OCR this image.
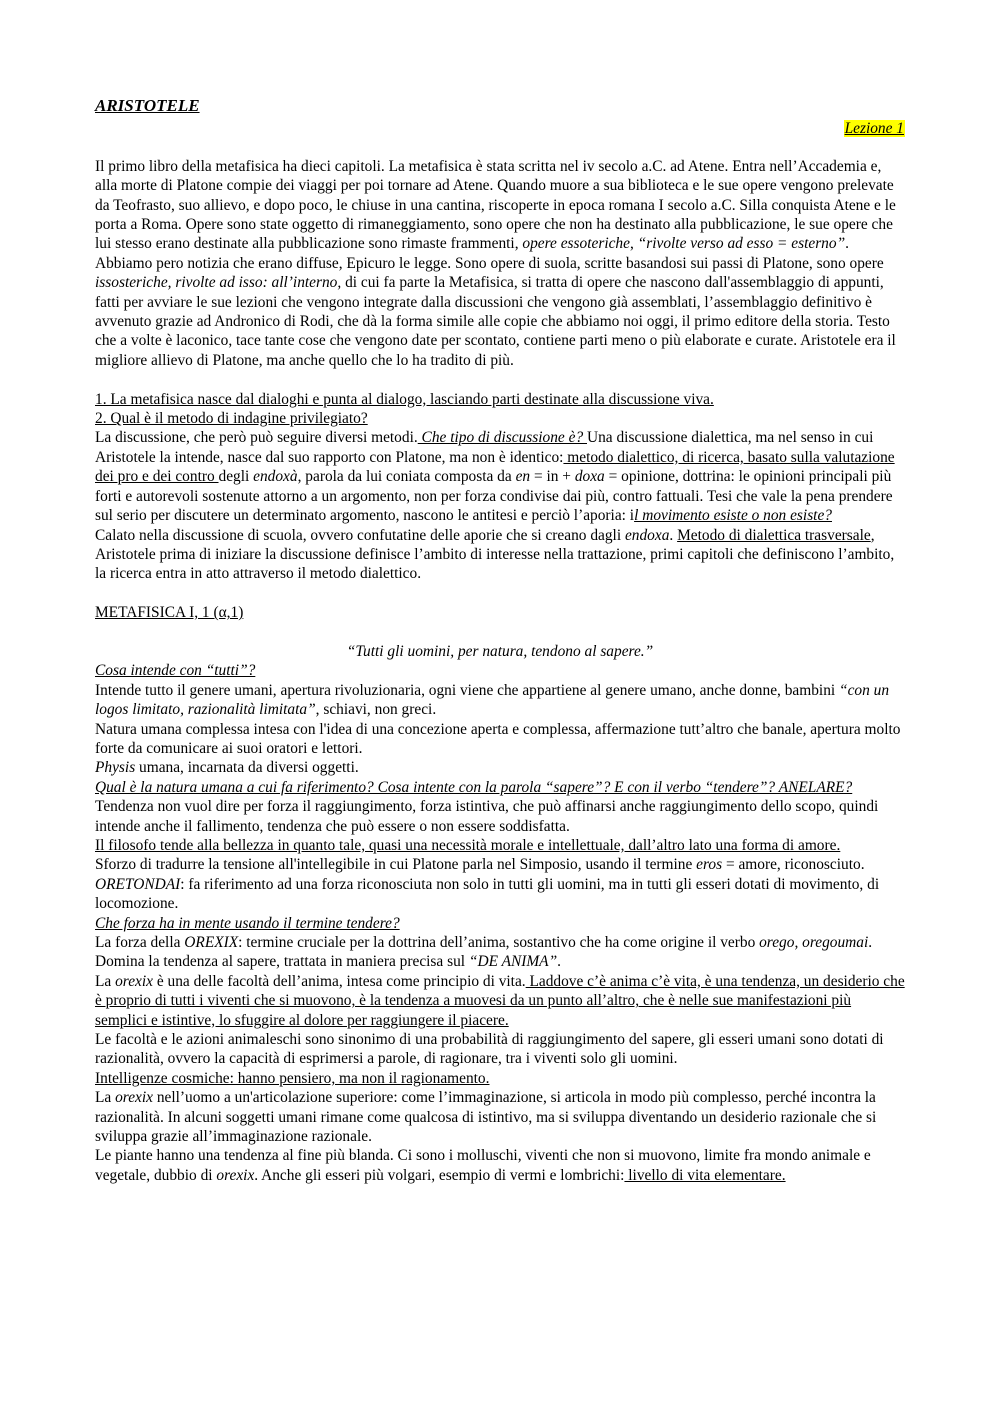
ARISTOTELE
Lezione 1

Il primo libro della metafisica ha dieci capitoli. La metafisica è stata scritta nel iv secolo a.C. ad Atene. Entra nell’Accademia e, alla morte di Platone compie dei viaggi per poi tornare ad Atene. Quando muore a sua biblioteca e le sue opere vengono prelevate da Teofrasto, suo allievo, e dopo poco, le chiuse in una cantina, riscoperte in epoca romana I secolo a.C. Silla conquista Atene e le porta a Roma. Opere sono state oggetto di rimaneggiamento, sono opere che non ha destinato alla pubblicazione, le sue opere che lui stesso erano destinate alla pubblicazione sono rimaste frammenti, opere essoteriche, “rivolte verso ad esso = esterno”. Abbiamo pero notizia che erano diffuse, Epicuro le legge. Sono opere di suola, scritte basandosi sui passi di Platone, sono opere issosteriche, rivolte ad isso: all’interno, di cui fa parte la Metafisica, si tratta di opere che nascono dall'assemblaggio di appunti, fatti per avviare le sue lezioni che vengono integrate dalla discussioni che vengono già assemblati, l’assemblaggio definitivo è avvenuto grazie ad Andronico di Rodi, che dà la forma simile alle copie che abbiamo noi oggi, il primo editore della storia. Testo che a volte è laconico, tace tante cose che vengono date per scontato, contiene parti meno o più elaborate e curate. Aristotele era il migliore allievo di Platone, ma anche quello che lo ha tradito di più.

1. La metafisica nasce dal dialoghi e punta al dialogo, lasciando parti destinate alla discussione viva.

2. Qual è il metodo di indagine privilegiato?

La discussione, che però può seguire diversi metodi. Che tipo di discussione è? Una discussione dialettica, ma nel senso in cui Aristotele la intende, nasce dal suo rapporto con Platone, ma non è identico: metodo dialettico, di ricerca, basato sulla valutazione dei pro e dei contro degli endoxà, parola da lui coniata composta da en = in + doxa = opinione, dottrina: le opinioni principali più forti e autorevoli sostenute attorno a un argomento, non per forza condivise dai più, contro fattuali. Tesi che vale la pena prendere sul serio per discutere un determinato argomento, nascono le antitesi e perciò l’aporia: il movimento esiste o non esiste?

Calato nella discussione di scuola, ovvero confutatine delle aporie che si creano dagli endoxa. Metodo di dialettica trasversale, Aristotele prima di iniziare la discussione definisce l’ambito di interesse nella trattazione, primi capitoli che definiscono l’ambito, la ricerca entra in atto attraverso il metodo dialettico.

METAFISICA I, 1 (α,1)

“Tutti gli uomini, per natura, tendono al sapere.”

Cosa intende con “tutti”?

Intende tutto il genere umani, apertura rivoluzionaria, ogni viene che appartiene al genere umano, anche donne, bambini “con un logos limitato, razionalità limitata”, schiavi, non greci.

Natura umana complessa intesa con l'idea di una concezione aperta e complessa, affermazione tutt’altro che banale, apertura molto forte da comunicare ai suoi oratori e lettori.

Physis umana, incarnata da diversi oggetti.

Qual è la natura umana a cui fa riferimento? Cosa intente con la parola “sapere”? E con il verbo “tendere”? ANELARE?

Tendenza non vuol dire per forza il raggiungimento, forza istintiva, che può affinarsi anche raggiungimento dello scopo, quindi intende anche il fallimento, tendenza che può essere o non essere soddisfatta.

Il filosofo tende alla bellezza in quanto tale, quasi una necessità morale e intellettuale, dall’altro lato una forma di amore.

Sforzo di tradurre la tensione all'intellegibile in cui Platone parla nel Simposio, usando il termine eros = amore, riconosciuto.

ORETONDAI: fa riferimento ad una forza riconosciuta non solo in tutti gli uomini, ma in tutti gli esseri dotati di movimento, di locomozione.

Che forza ha in mente usando il termine tendere?

La forza della OREXIX: termine cruciale per la dottrina dell’anima, sostantivo che ha come origine il verbo orego, oregoumai. Domina la tendenza al sapere, trattata in maniera precisa sul “DE ANIMA”.

La orexix è una delle facoltà dell’anima, intesa come principio di vita. Laddove c’è anima c’è vita, è una tendenza, un desiderio che è proprio di tutti i viventi che si muovono, è la tendenza a muovesi da un punto all’altro, che è nelle sue manifestazioni più semplici e istintive, lo sfuggire al dolore per raggiungere il piacere.

Le facoltà e le azioni animaleschi sono sinonimo di una probabilità di raggiungimento del sapere, gli esseri umani sono dotati di razionalità, ovvero la capacità di esprimersi a parole, di ragionare, tra i viventi solo gli uomini.

Intelligenze cosmiche: hanno pensiero, ma non il ragionamento.

La orexix nell’uomo a un'articolazione superiore: come l’immaginazione, si articola in modo più complesso, perché incontra la razionalità. In alcuni soggetti umani rimane come qualcosa di istintivo, ma si sviluppa diventando un desiderio razionale che si sviluppa grazie all’immaginazione razionale.

Le piante hanno una tendenza al fine più blanda. Ci sono i molluschi, viventi che non si muovono, limite fra mondo animale e vegetale, dubbio di orexix. Anche gli esseri più volgari, esempio di vermi e lombrichi: livello di vita elementare.
